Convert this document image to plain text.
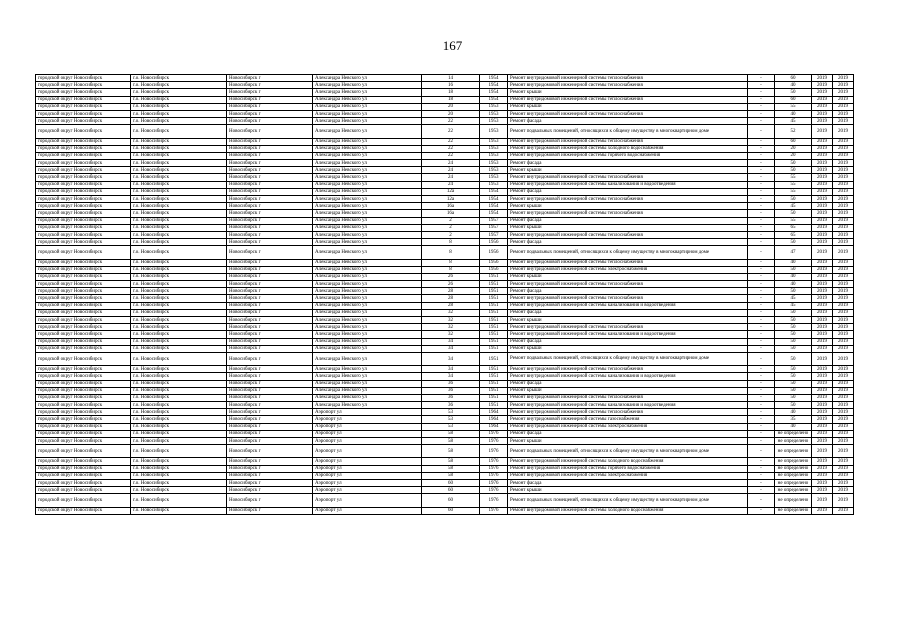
167
городской округ Новосибирск	г.о. Новосибирск	Новосибирск г	Александра Невского ул	14	1954	Ремонт внутридомовой инженерной системы теплоснабжения	-	60	2019	2019
городской округ Новосибирск	г.о. Новосибирск	Новосибирск г	Александра Невского ул	16	1954	Ремонт внутридомовой инженерной системы теплоснабжения	-	40	2019	2019
городской округ Новосибирск	г.о. Новосибирск	Новосибирск г	Александра Невского ул	18	1954	Ремонт крыши	-	50	2019	2019
городской округ Новосибирск	г.о. Новосибирск	Новосибирск г	Александра Невского ул	18	1954	Ремонт внутридомовой инженерной системы теплоснабжения	-	60	2019	2019
городской округ Новосибирск	г.о. Новосибирск	Новосибирск г	Александра Невского ул	20	1953	Ремонт крыши	-	55	2019	2019
городской округ Новосибирск	г.о. Новосибирск	Новосибирск г	Александра Невского ул	20	1953	Ремонт внутридомовой инженерной системы теплоснабжения	-	40	2019	2019
городской округ Новосибирск	г.о. Новосибирск	Новосибирск г	Александра Невского ул	22	1953	Ремонт фасада	-	45	2019	2019
городской округ Новосибирск	г.о. Новосибирск	Новосибирск г	Александра Невского ул	22	1953	Ремонт подвальных помещений, относящихся к общему имуществу в многоквартирном доме	-	52	2019	2019
городской округ Новосибирск	г.о. Новосибирск	Новосибирск г	Александра Невского ул	22	1953	Ремонт внутридомовой инженерной системы теплоснабжения	-	60	2019	2019
городской округ Новосибирск	г.о. Новосибирск	Новосибирск г	Александра Невского ул	22	1953	Ремонт внутридомовой инженерной системы холодного водоснабжения	-	20	2019	2019
городской округ Новосибирск	г.о. Новосибирск	Новосибирск г	Александра Невского ул	22	1953	Ремонт внутридомовой инженерной системы горячего водоснабжения	-	20	2019	2019
городской округ Новосибирск	г.о. Новосибирск	Новосибирск г	Александра Невского ул	24	1953	Ремонт фасада	-	50	2019	2019
городской округ Новосибирск	г.о. Новосибирск	Новосибирск г	Александра Невского ул	24	1953	Ремонт крыши	-	50	2019	2019
городской округ Новосибирск	г.о. Новосибирск	Новосибирск г	Александра Невского ул	24	1953	Ремонт внутридомовой инженерной системы теплоснабжения	-	55	2019	2019
городской округ Новосибирск	г.о. Новосибирск	Новосибирск г	Александра Невского ул	24	1953	Ремонт внутридомовой инженерной системы канализования и водоотведения	-	55	2019	2019
городской округ Новосибирск	г.о. Новосибирск	Новосибирск г	Александра Невского ул	12а	1954	Ремонт фасада	-	55	2019	2019
городской округ Новосибирск	г.о. Новосибирск	Новосибирск г	Александра Невского ул	12а	1954	Ремонт внутридомовой инженерной системы теплоснабжения	-	50	2019	2019
городской округ Новосибирск	г.о. Новосибирск	Новосибирск г	Александра Невского ул	16а	1954	Ремонт крыши	-	45	2019	2019
городской округ Новосибирск	г.о. Новосибирск	Новосибирск г	Александра Невского ул	16а	1954	Ремонт внутридомовой инженерной системы теплоснабжения	-	50	2019	2019
городской округ Новосибирск	г.о. Новосибирск	Новосибирск г	Александра Невского ул	2	1957	Ремонт фасада	-	55	2019	2019
городской округ Новосибирск	г.о. Новосибирск	Новосибирск г	Александра Невского ул	2	1957	Ремонт крыши	-	65	2019	2019
городской округ Новосибирск	г.о. Новосибирск	Новосибирск г	Александра Невского ул	2	1957	Ремонт внутридомовой инженерной системы теплоснабжения	-	65	2019	2019
городской округ Новосибирск	г.о. Новосибирск	Новосибирск г	Александра Невского ул	8	1956	Ремонт фасада	-	50	2019	2019
городской округ Новосибирск	г.о. Новосибирск	Новосибирск г	Александра Невского ул	8	1956	Ремонт подвальных помещений, относящихся к общему имуществу в многоквартирном доме	-	47	2019	2019
городской округ Новосибирск	г.о. Новосибирск	Новосибирск г	Александра Невского ул	8	1956	Ремонт внутридомовой инженерной системы теплоснабжения	-	40	2019	2019
городской округ Новосибирск	г.о. Новосибирск	Новосибирск г	Александра Невского ул	8	1956	Ремонт внутридомовой инженерной системы электроснабжения	-	50	2019	2019
городской округ Новосибирск	г.о. Новосибирск	Новосибирск г	Александра Невского ул	26	1951	Ремонт крыши	-	40	2019	2019
городской округ Новосибирск	г.о. Новосибирск	Новосибирск г	Александра Невского ул	26	1951	Ремонт внутридомовой инженерной системы теплоснабжения	-	40	2019	2019
городской округ Новосибирск	г.о. Новосибирск	Новосибирск г	Александра Невского ул	28	1951	Ремонт фасада	-	50	2019	2019
городской округ Новосибирск	г.о. Новосибирск	Новосибирск г	Александра Невского ул	28	1951	Ремонт внутридомовой инженерной системы теплоснабжения	-	45	2019	2019
городской округ Новосибирск	г.о. Новосибирск	Новосибирск г	Александра Невского ул	28	1951	Ремонт внутридомовой инженерной системы канализования и водоотведения	-	45	2019	2019
городской округ Новосибирск	г.о. Новосибирск	Новосибирск г	Александра Невского ул	32	1951	Ремонт фасада	-	50	2019	2019
городской округ Новосибирск	г.о. Новосибирск	Новосибирск г	Александра Невского ул	32	1951	Ремонт крыши	-	50	2019	2019
городской округ Новосибирск	г.о. Новосибирск	Новосибирск г	Александра Невского ул	32	1951	Ремонт внутридомовой инженерной системы теплоснабжения	-	50	2019	2019
городской округ Новосибирск	г.о. Новосибирск	Новосибирск г	Александра Невского ул	32	1951	Ремонт внутридомовой инженерной системы канализования и водоотведения	-	50	2019	2019
городской округ Новосибирск	г.о. Новосибирск	Новосибирск г	Александра Невского ул	34	1951	Ремонт фасада	-	50	2019	2019
городской округ Новосибирск	г.о. Новосибирск	Новосибирск г	Александра Невского ул	34	1951	Ремонт крыши	-	50	2019	2019
городской округ Новосибирск	г.о. Новосибирск	Новосибирск г	Александра Невского ул	34	1951	Ремонт подвальных помещений, относящихся к общему имуществу в многоквартирном доме	-	50	2019	2019
городской округ Новосибирск	г.о. Новосибирск	Новосибирск г	Александра Невского ул	34	1951	Ремонт внутридомовой инженерной системы теплоснабжения	-	50	2019	2019
городской округ Новосибирск	г.о. Новосибирск	Новосибирск г	Александра Невского ул	34	1951	Ремонт внутридомовой инженерной системы канализования и водоотведения	-	50	2019	2019
городской округ Новосибирск	г.о. Новосибирск	Новосибирск г	Александра Невского ул	36	1951	Ремонт фасада	-	50	2019	2019
городской округ Новосибирск	г.о. Новосибирск	Новосибирск г	Александра Невского ул	36	1951	Ремонт крыши	-	50	2019	2019
городской округ Новосибирск	г.о. Новосибирск	Новосибирск г	Александра Невского ул	36	1951	Ремонт внутридомовой инженерной системы теплоснабжения	-	50	2019	2019
городской округ Новосибирск	г.о. Новосибирск	Новосибирск г	Александра Невского ул	36	1951	Ремонт внутридомовой инженерной системы канализования и водоотведения	-	50	2019	2019
городской округ Новосибирск	г.о. Новосибирск	Новосибирск г	Аэропорт ул	53	1964	Ремонт внутридомовой инженерной системы теплоснабжения	-	40	2019	2019
городской округ Новосибирск	г.о. Новосибирск	Новосибирск г	Аэропорт ул	53	1964	Ремонт внутридомовой инженерной системы газоснабжения	-	35	2019	2019
городской округ Новосибирск	г.о. Новосибирск	Новосибирск г	Аэропорт ул	53	1964	Ремонт внутридомовой инженерной системы электроснабжения	-	40	2019	2019
городской округ Новосибирск	г.о. Новосибирск	Новосибирск г	Аэропорт ул	58	1976	Ремонт фасада	-	не определено	2019	2019
городской округ Новосибирск	г.о. Новосибирск	Новосибирск г	Аэропорт ул	58	1976	Ремонт крыши	-	не определено	2019	2019
городской округ Новосибирск	г.о. Новосибирск	Новосибирск г	Аэропорт ул	58	1976	Ремонт подвальных помещений, относящихся к общему имуществу в многоквартирном доме	-	не определено	2019	2019
городской округ Новосибирск	г.о. Новосибирск	Новосибирск г	Аэропорт ул	58	1976	Ремонт внутридомовой инженерной системы холодного водоснабжения	-	не определено	2019	2019
городской округ Новосибирск	г.о. Новосибирск	Новосибирск г	Аэропорт ул	58	1976	Ремонт внутридомовой инженерной системы горячего водоснабжения	-	не определено	2019	2019
городской округ Новосибирск	г.о. Новосибирск	Новосибирск г	Аэропорт ул	58	1976	Ремонт внутридомовой инженерной системы электроснабжения	-	не определено	2019	2019
городской округ Новосибирск	г.о. Новосибирск	Новосибирск г	Аэропорт ул	60	1976	Ремонт фасада	-	не определено	2019	2019
городской округ Новосибирск	г.о. Новосибирск	Новосибирск г	Аэропорт ул	60	1976	Ремонт крыши	-	не определено	2019	2019
городской округ Новосибирск	г.о. Новосибирск	Новосибирск г	Аэропорт ул	60	1976	Ремонт подвальных помещений, относящихся к общему имуществу в многоквартирном доме	-	не определено	2019	2019
городской округ Новосибирск	г.о. Новосибирск	Новосибирск г	Аэропорт ул	60	1976	Ремонт внутридомовой инженерной системы холодного водоснабжения	-	не определено	2019	2019
